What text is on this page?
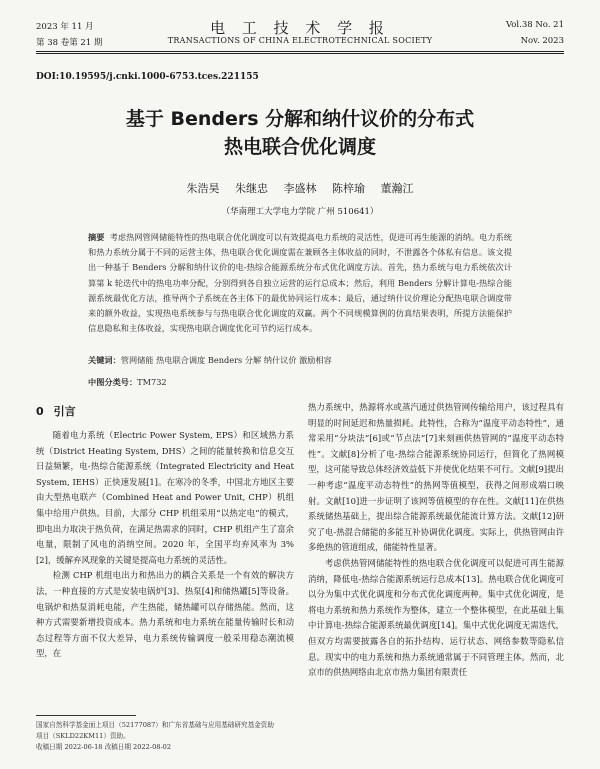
2023 年 11 月	电 工 技 术 学 报	Vol.38 No. 21
第 38 卷第 21 期	TRANSACTIONS OF CHINA ELECTROTECHNICAL SOCIETY	Nov. 2023
DOI:10.19595/j.cnki.1000-6753.tces.221155
基于 Benders 分解和纳什议价的分布式
热电联合优化调度
朱浩昊 朱继忠 李盛林 陈梓瑜 董瀚江
（华南理工大学电力学院 广州 510641）
摘要 考虑热网管网储能特性的热电联合优化调度可以有效提高电力系统的灵活性，促进可再生能源的消纳。电力系统和热力系统分属于不同的运营主体，热电联合优化调度需在兼顾各主体收益的同时，不泄露各个体私有信息。该文提出一种基于 Benders 分解和纳什议价的电-热综合能源系统分布式优化调度方法。首先，热力系统与电力系统依次计算第 k 轮迭代中的热电功率分配，分别得到各自独立运营的运行总成本；然后，利用 Benders 分解计算电-热综合能源系统最优化方法，推导两个子系统在各主体下的最优协同运行成本；最后，通过纳什议价理论分配热电联合调度带来的额外收益，实现热电系统参与与热电联合优化调度的双赢。两个不同规模算例的仿真结果表明，所提方法能保护信息隐私和主体收益，实现热电联合调度优化可节约运行成本。
关键词：管网储能 热电联合调度 Benders 分解 纳什议价 激励相容
中图分类号：TM732
0 引言

随着电力系统（Electric Power System, EPS）和区域热力系统（District Heating System, DHS）之间的能量转换和信息交互日益频繁，电-热综合能源系统（Integrated Electricity and Heat System, IEHS）正快速发展[1]。在寒冷的冬季，中国北方地区主要由大型热电联产（Combined Heat and Power Unit, CHP）机组集中给用户供热。目前，大部分 CHP 机组采用“以热定电”的模式，即电出力取决于热负荷，在满足热需求的同时，CHP 机组产生了富余电量，限制了风电的消纳空间。2020 年，全国平均弃风率为 3%[2]，缓解弃风现象的关键是提高电力系统的灵活性。

检测 CHP 机组电出力和热出力的耦合关系是一个有效的解决方法，一种直接的方式是安装电锅炉[3]、热泵[4]和储热罐[5]等设备。电锅炉和热泵消耗电能，产生热能，储热罐可以存储热能。然而，这种方式需要新增投资成本。热力系统和电力系统在能量传输时长和动态过程等方面不仅大差异，电力系统传输调度一般采用稳态潮流模型，在

热力系统中，热源将水或蒸汽通过供热管网传输给用户，该过程具有明显的时间延迟和热量损耗。此特性，合称为“温度平动态特性”，通常采用“分块法”[6]或“节点法”[7]来刻画供热管网的“温度平动态特性”。文献[8]分析了电-热综合能源系统协同运行，但简化了热网模型，这可能导致总体经济效益低下并使优化结果不可行。文献[9]提出一种考虑“温度平动态特性”的热网等值模型，获得之间形成端口映射。文献[10]进一步证明了该网等值模型的存在性。文献[11]在供热系统储热基础上，提出综合能源系统最优能流计算方法。文献[12]研究了电-热混合储能的多能互补协调优化调度。实际上，供热管网由许多绝热的管道组成，储能特性显著。

考虑供热管网储能特性的热电联合优化调度可以促进可再生能源消纳，降低电-热综合能源系统运行总成本[13]。热电联合优化调度可以分为集中式优化调度和分布式优化调度两种。集中式优化调度，是将电力系统和热力系统作为整体，建立一个整体模型，在此基础上集中计算电-热综合能源系统最优调度[14]。集中式优化调度无需迭代，但双方均需要披露各自的拓扑结构、运行状态、网络参数等隐私信息。现实中的电力系统和热力系统通常属于不同管理主体。然而，北京市的供热网络由北京市热力集团有限责任

国家自然科学基金面上项目（52177087）和广东省基础与应用基础研究基金资助
项目（SKLD22KM11）资助。
收稿日期 2022-06-18 改稿日期 2022-08-02
